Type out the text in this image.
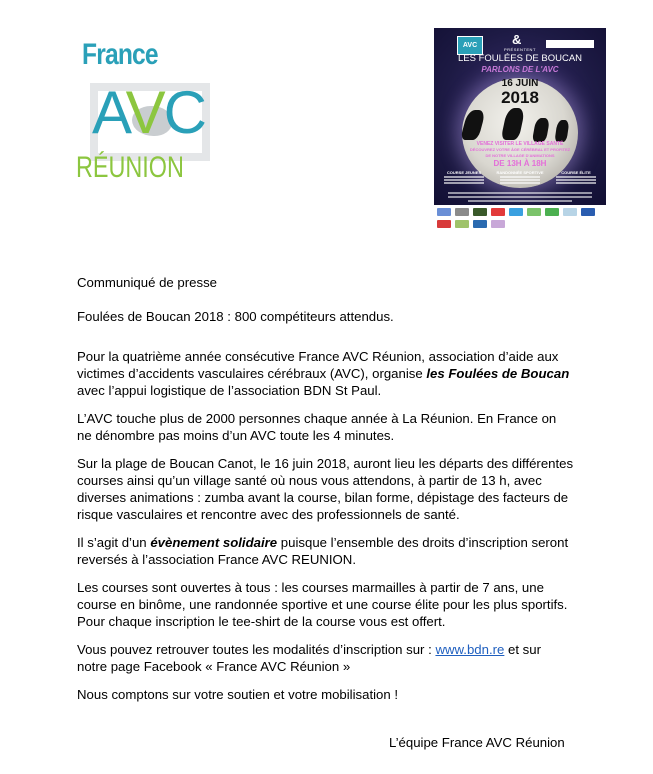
France
AVC
RÉUNION
AVC	&
PRÉSENTENT
LES FOULÉES DE BOUCAN
PARLONS DE L'AVC
16 JUIN
2018
VENEZ VISITER LE VILLAGE SANTÉ
DÉCOUVREZ VOTRE ÂGE CÉRÉBRAL ET PROFITEZ
DE NOTRE VILLAGE D'ANIMATIONS
DE 13H À 18H
COURSE JEUNES	RANDONNÉE SPORTIVE	COURSE ÉLITE
Communiqué de presse
Foulées de Boucan 2018 : 800 compétiteurs attendus.

Pour la quatrième année consécutive France AVC Réunion, association d’aide aux victimes d’accidents vasculaires cérébraux (AVC), organise les Foulées de Boucan avec l’appui logistique de l’association BDN St Paul.

L’AVC touche plus de 2000 personnes chaque année à La Réunion. En France on ne dénombre pas moins d’un AVC toute les 4 minutes.

Sur la plage de Boucan Canot, le 16 juin 2018, auront lieu les départs des différentes courses ainsi qu’un village santé où nous vous attendons, à partir de 13 h, avec diverses animations : zumba avant la course, bilan forme, dépistage des facteurs de risque vasculaires et rencontre avec des professionnels de santé.

Il s’agit d’un évènement solidaire puisque l’ensemble des droits d’inscription seront reversés à l’association France AVC REUNION.

Les courses sont ouvertes à tous : les courses marmailles à partir de 7 ans, une course en binôme, une randonnée sportive et une course élite pour les plus sportifs. Pour chaque inscription le tee-shirt de la course vous est offert.

Vous pouvez retrouver toutes les modalités d’inscription sur : www.bdn.re et sur notre page Facebook « France AVC Réunion »

Nous comptons sur votre soutien et votre mobilisation !

L’équipe France AVC Réunion
